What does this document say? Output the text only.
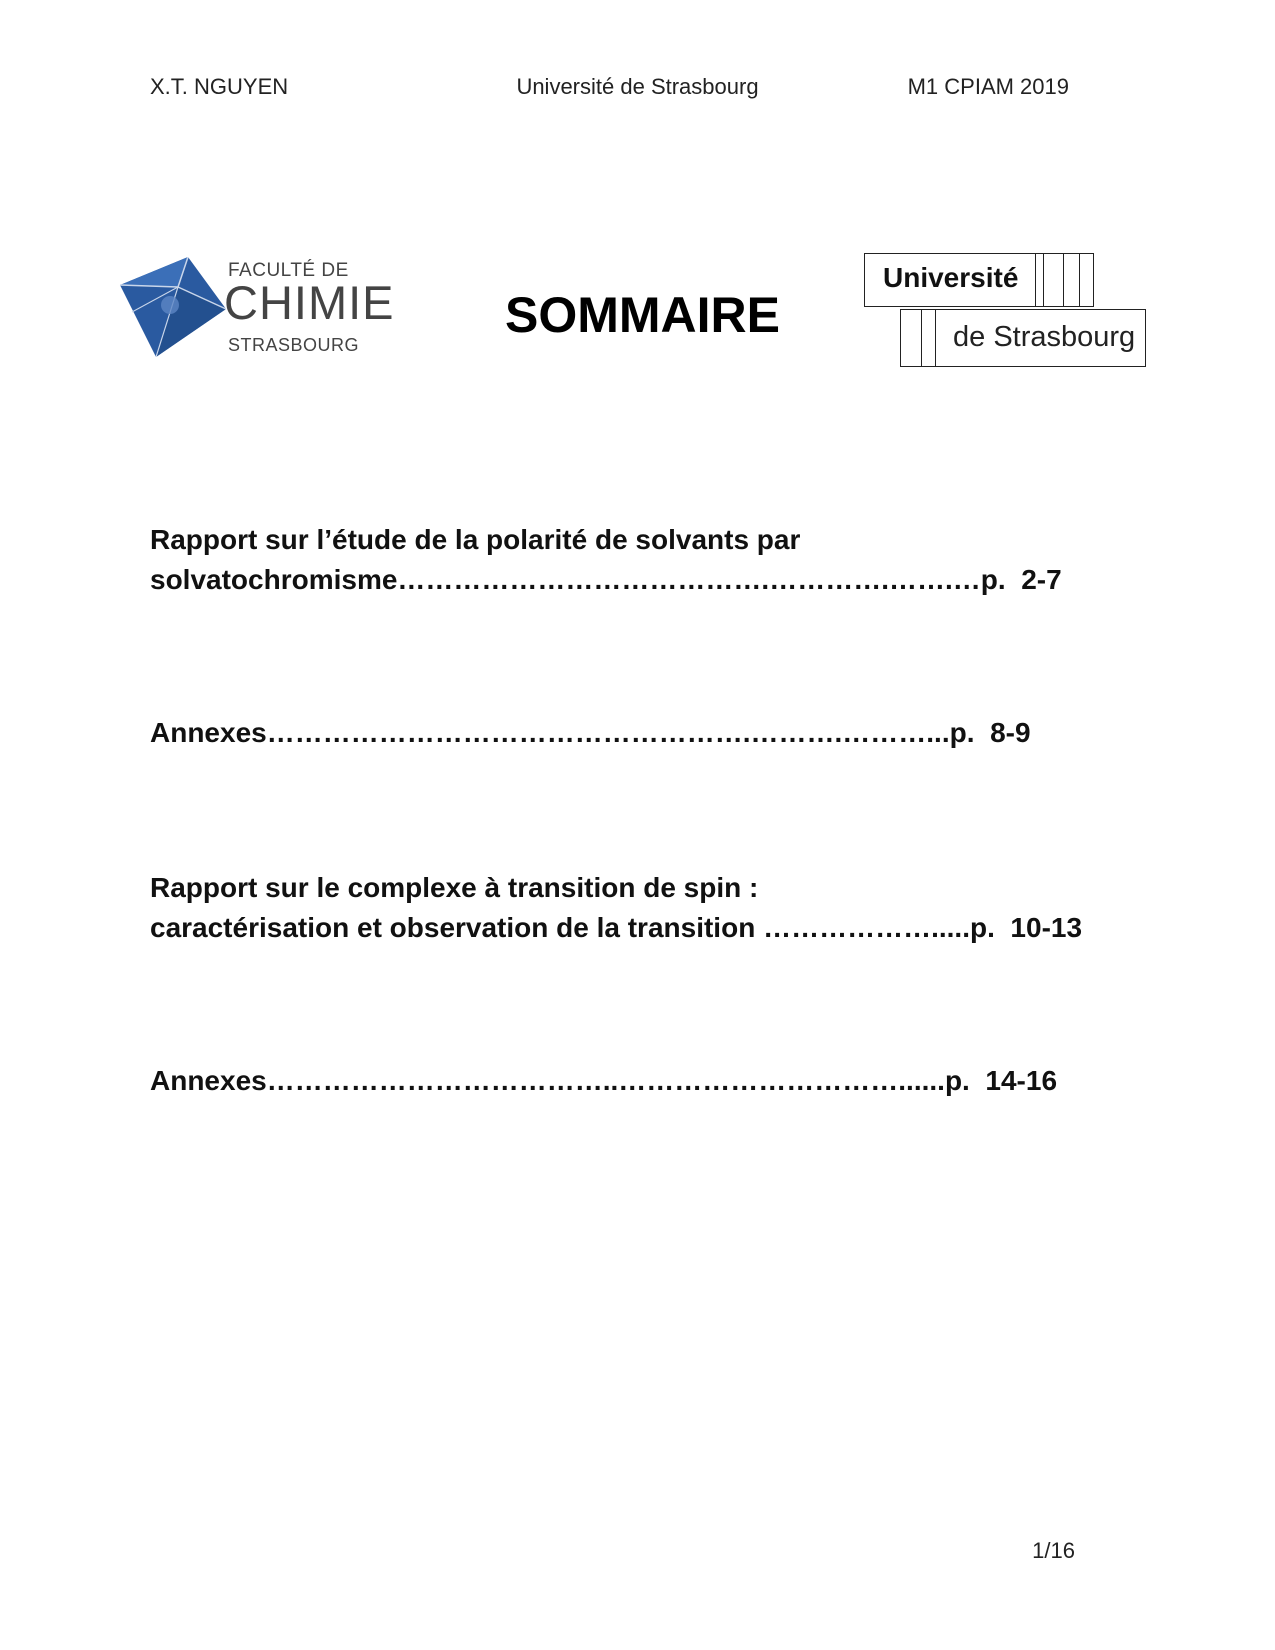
X.T. NGUYEN	Université de Strasbourg	M1 CPIAM 2019
FACULTÉ DE
CHIMIE
STRASBOURG
SOMMAIRE
Université
de Strasbourg
Rapport sur l’étude de la polarité de solvants par
solvatochromisme………………………………….………….…….…p. 2-7
Annexes…………………………………………….……….………...p. 8-9
Rapport sur le complexe à transition de spin :
caractérisation et observation de la transition ……………….....p. 10-13
Annexes………………………………..…………………………......p. 14-16
1/16
